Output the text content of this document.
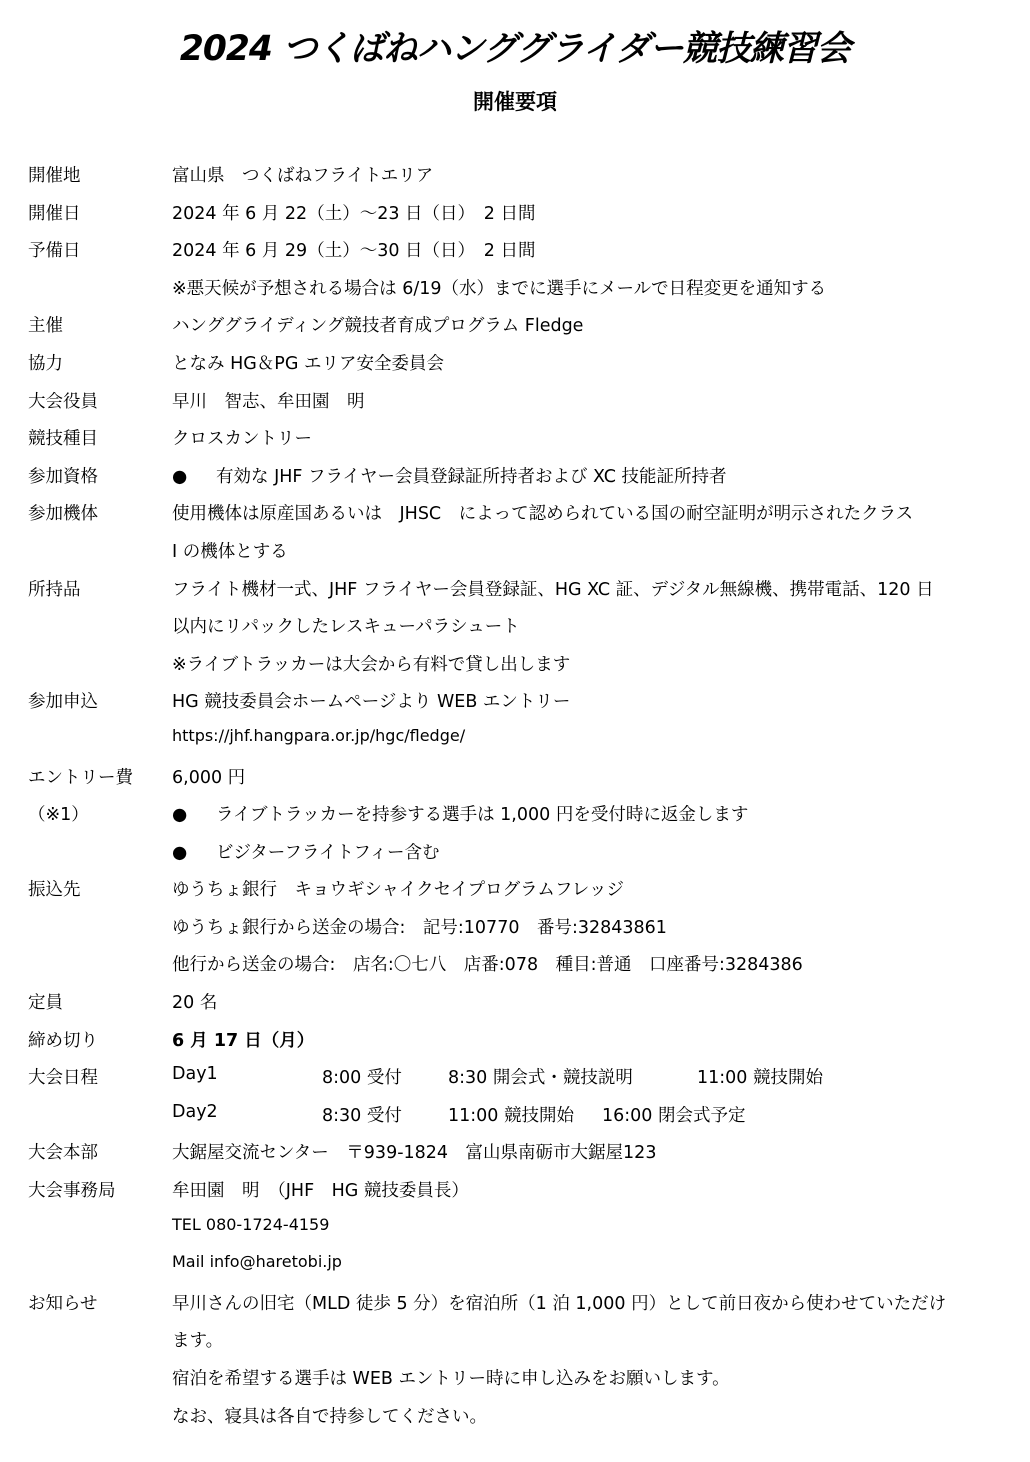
2024 つくばねハンググライダー競技練習会
開催要項
開催地	富山県　つくばねフライトエリア
開催日	2024 年 6 月 22（土）～23 日（日）　2 日間
予備日	2024 年 6 月 29（土）～30 日（日）　2 日間
※悪天候が予想される場合は 6/19（水）までに選手にメールで日程変更を通知する
主催	ハンググライディング競技者育成プログラム Fledge
協力	となみ HG＆PG エリア安全委員会
大会役員	早川　智志、牟田園　明
競技種目	クロスカントリー
参加資格	● 有効な JHF フライヤー会員登録証所持者および XC 技能証所持者
参加機体	使用機体は原産国あるいは　JHSC　によって認められている国の耐空証明が明示されたクラス
Ⅰ の機体とする
所持品	フライト機材一式、JHF フライヤー会員登録証、HG XC 証、デジタル無線機、携帯電話、120 日
以内にリパックしたレスキューパラシュート
※ライブトラッカーは大会から有料で貸し出します
参加申込	HG 競技委員会ホームページより WEB エントリー
https://jhf.hangpara.or.jp/hgc/fledge/
エントリー費 6,000 円
（※1）	● ライブトラッカーを持参する選手は 1,000 円を受付時に返金します
● ビジターフライトフィー含む
振込先	ゆうちょ銀行　キョウギシャイクセイプログラムフレッジ
ゆうちょ銀行から送金の場合:　記号:10770　番号:32843861
他行から送金の場合:　店名:〇七八　店番:078　種目:普通　口座番号:3284386
定員	20 名
締め切り	6 月 17 日（月）
大会日程	Day1	8:00 受付	8:30 開会式・競技説明	11:00 競技開始
Day2	8:30 受付	11:00 競技開始 16:00 閉会式予定
大会本部	大鋸屋交流センター　〒939-1824　富山県南砺市大鋸屋123
大会事務局	牟田園　明　（JHF　HG 競技委員長）
TEL 080-1724-4159
Mail info@haretobi.jp
お知らせ	早川さんの旧宅（MLD 徒歩 5 分）を宿泊所（1 泊 1,000 円）として前日夜から使わせていただけ
ます。
宿泊を希望する選手は WEB エントリー時に申し込みをお願いします。
なお、寝具は各自で持参してください。
